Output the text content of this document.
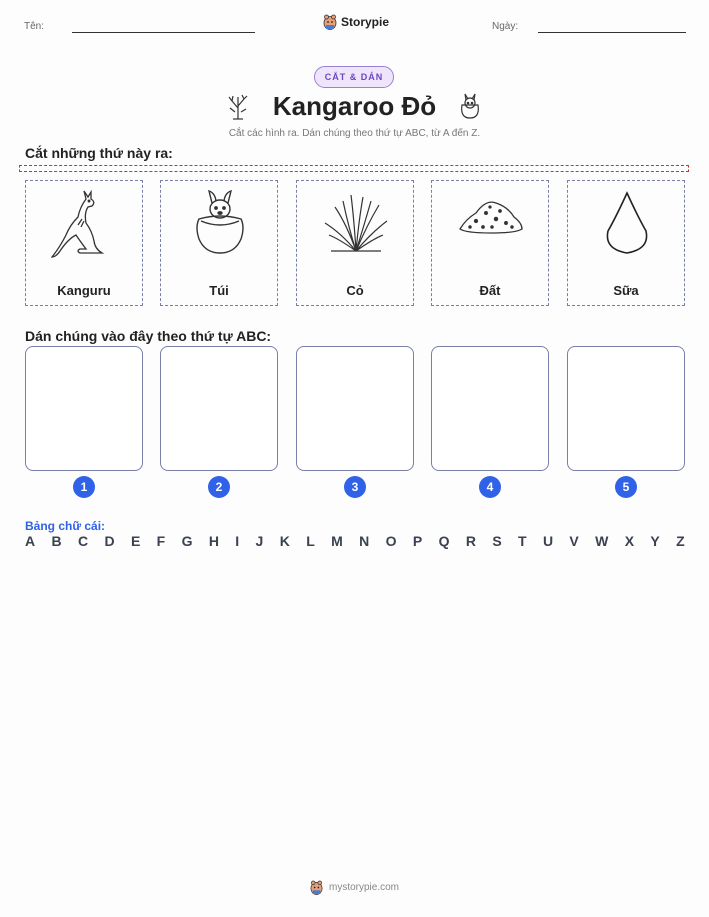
Tên:	Storypie	Ngày:
CẮT & DÁN
Kangaroo Đỏ
Cắt các hình ra. Dán chúng theo thứ tự ABC, từ A đến Z.
Cắt những thứ này ra:
Kanguru	Túi	Cỏ	Đất	Sữa
Dán chúng vào đây theo thứ tự ABC:
1	2	3	4	5
Bảng chữ cái:
A B C D E F G H I J K L M N O P Q R S T U V W X Y Z
mystorypie.com
